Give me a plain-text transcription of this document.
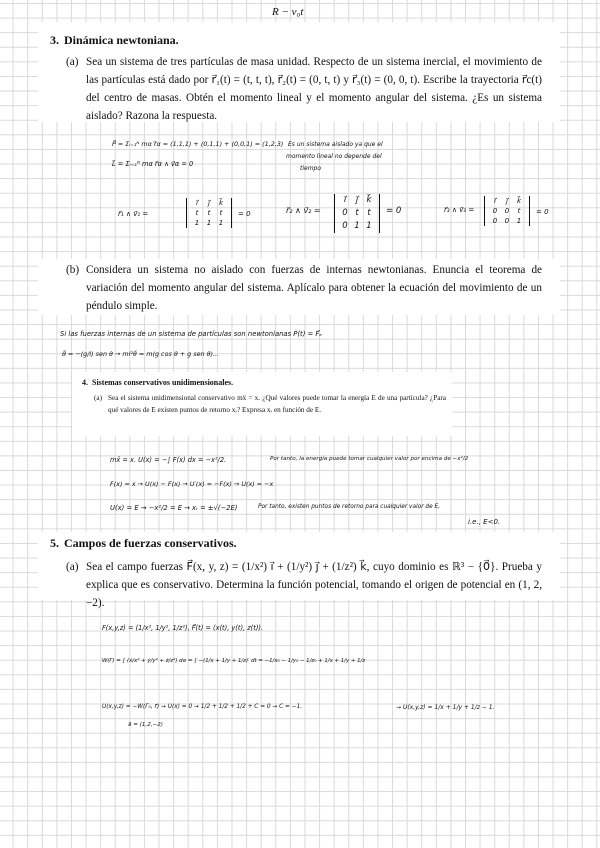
R − v₀t
3. Dinámica newtoniana.
(a) Sea un sistema de tres partículas de masa unidad. Respecto de un sistema inercial, el movimiento de las partículas está dado por r⃗₁(t) = (t, t, t), r⃗₂(t) = (0, t, t) y r⃗₃(t) = (0, 0, t). Escribe la trayectoria r⃗c(t) del centro de masas. Obtén el momento lineal y el momento angular del sistema. ¿Es un sistema aislado? Razona la respuesta.
P⃗ = Σᵢ₌₁ᴺ mα ṙ⃗α = (1,1,1) + (0,1,1) + (0,0,1) = (1,2,3) Es un sistema aislado ya que el
momento lineal no depende del
tiempo
L⃗ = Σᵢ₌₁ᴺ mα r⃗α ∧ v⃗α = 0
r⃗₁ ∧ v⃗₁ =
i⃗ j⃗ k⃗
t t t
1 1 1
= 0	r⃗₂ ∧ v⃗₂ =
i⃗ j⃗ k⃗
0 t t
0 1 1
= 0	r⃗₃ ∧ v⃗₃ =
i⃗ j⃗ k⃗
0 0 t
0 0 1
= 0
(b) Considera un sistema no aislado con fuerzas de internas newtonianas. Enuncia el teorema de variación del momento angular del sistema. Aplícalo para obtener la ecuación del movimiento de un péndulo simple.
Si las fuerzas internas de un sistema de partículas son newtonianas Ṗ(t) = F⃗ₑ
θ̈ = −(g/l) sen θ → ml²θ̈ = m(g cos θ + g sen θ)...
4. Sistemas conservativos unidimensionales.
(a) Sea el sistema unidimensional conservativo mẍ = x. ¿Qué valores puede tomar la energía E de una partícula? ¿Para qué valores de E existen puntos de retorno xᵣ? Expresa xᵣ en función de E.
mẍ = x. U(x) = −∫ F(x) dx = −x²/2.	Por tanto, la energía puede tomar cualquier valor por encima de −x²/2
F(x) = x → U(x) − F(x) → U′(x) = −F(x) → U(x) = −x
U(x) = E → −x²/2 = E → xᵣ = ±√(−2E)	Por tanto, existen puntos de retorno para cualquier valor de E,
i.e., E<0.
5. Campos de fuerzas conservativos.
(a) Sea el campo fuerzas F⃗(x, y, z) = (1/x²) i⃗ + (1/y²) j⃗ + (1/z²) k⃗, cuyo dominio es ℝ³ − {0⃗}. Prueba y explica que es conservativo. Determina la función potencial, tomando el origen de potencial en (1, 2, −2).
F(x,y,z) = (1/x², 1/y², 1/z²), F⃗(t) = (x(t), y(t), z(t)).
W(Γ) = ∫ (ẋ/x² + ẏ/y² + ż/z²) dα = ∫ −(1/x + 1/y + 1/z)′ dt = −1/x₀ − 1/y₀ − 1/z₀ + 1/x + 1/y + 1/z
U(x,y,z) = −W(Γ₀, r⃗) → U(x) = 0 → 1/2 + 1/2 + 1/2 + C = 0 → C = −1.	→ U(x,y,z) = 1/x + 1/y + 1/z − 1.
a⃗ = (1,2,−2)
